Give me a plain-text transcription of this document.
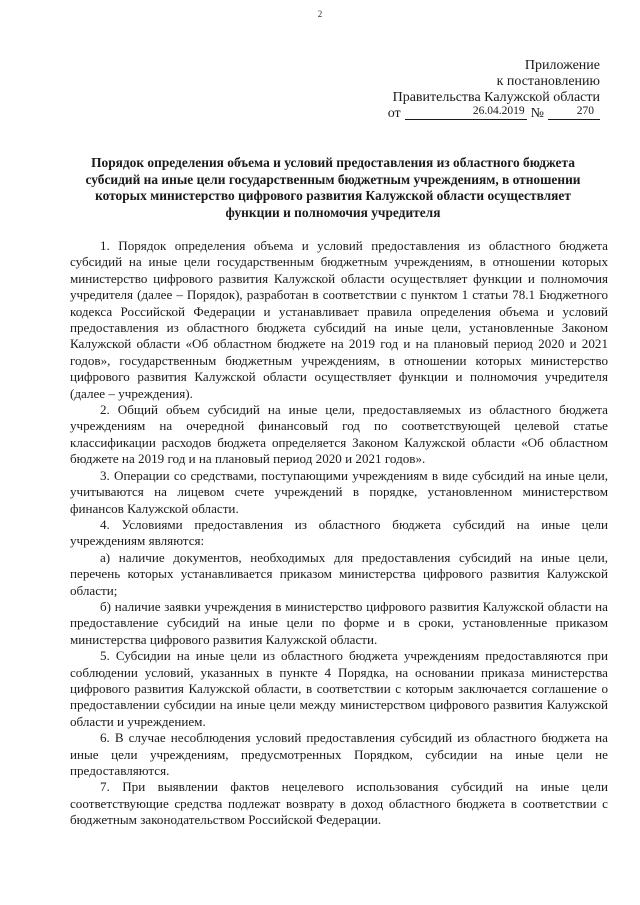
2
Приложение
к постановлению
Правительства Калужской области
от	26.04.2019 №	270
Порядок определения объема и условий предоставления из областного бюджета субсидий на иные цели государственным бюджетным учреждениям, в отношении которых министерство цифрового развития Калужской области осуществляет функции и полномочия учредителя

1. Порядок определения объема и условий предоставления из областного бюджета субсидий на иные цели государственным бюджетным учреждениям, в отношении которых министерство цифрового развития Калужской области осуществляет функции и полномочия учредителя (далее – Порядок), разработан в соответствии с пунктом 1 статьи 78.1 Бюджетного кодекса Российской Федерации и устанавливает правила определения объема и условий предоставления из областного бюджета субсидий на иные цели, установленные Законом Калужской области «Об областном бюджете на 2019 год и на плановый период 2020 и 2021 годов», государственным бюджетным учреждениям, в отношении которых министерство цифрового развития Калужской области осуществляет функции и полномочия учредителя (далее – учреждения).

2. Общий объем субсидий на иные цели, предоставляемых из областного бюджета учреждениям на очередной финансовый год по соответствующей целевой статье классификации расходов бюджета определяется Законом Калужской области «Об областном бюджете на 2019 год и на плановый период 2020 и 2021 годов».

3. Операции со средствами, поступающими учреждениям в виде субсидий на иные цели, учитываются на лицевом счете учреждений в порядке, установленном министерством финансов Калужской области.

4. Условиями предоставления из областного бюджета субсидий на иные цели учреждениям являются:

а) наличие документов, необходимых для предоставления субсидий на иные цели, перечень которых устанавливается приказом министерства цифрового развития Калужской области;

б) наличие заявки учреждения в министерство цифрового развития Калужской области на предоставление субсидий на иные цели по форме и в сроки, установленные приказом министерства цифрового развития Калужской области.

5. Субсидии на иные цели из областного бюджета учреждениям предоставляются при соблюдении условий, указанных в пункте 4 Порядка, на основании приказа министерства цифрового развития Калужской области, в соответствии с которым заключается соглашение о предоставлении субсидии на иные цели между министерством цифрового развития Калужской области и учреждением.

6. В случае несоблюдения условий предоставления субсидий из областного бюджета на иные цели учреждениям, предусмотренных Порядком, субсидии на иные цели не предоставляются.

7. При выявлении фактов нецелевого использования субсидий на иные цели соответствующие средства подлежат возврату в доход областного бюджета в соответствии с бюджетным законодательством Российской Федерации.
